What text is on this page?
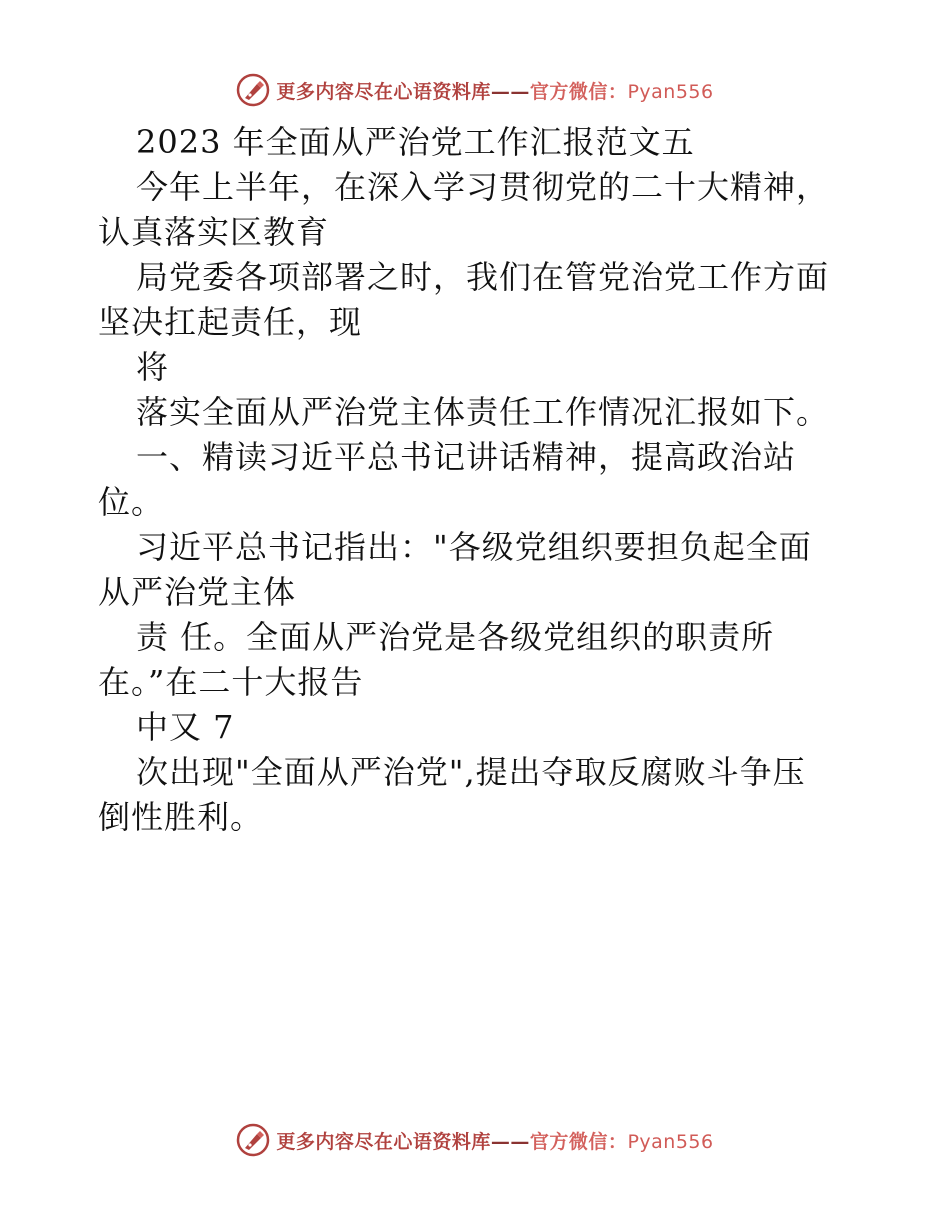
更多内容尽在心语资料库——官方微信：Pyan556
2023 年全面从严治党工作汇报范文五
今年上半年，在深入学习贯彻党的二十大精神，
认真落实区教育
局党委各项部署之时，我们在管党治党工作方面
坚决扛起责任，现
将
落实全面从严治党主体责任工作情况汇报如下。
一、精读习近平总书记讲话精神，提高政治站
位。
习近平总书记指出："各级党组织要担负起全面
从严治党主体
责 任。全面从严治党是各级党组织的职责所
在。”在二十大报告
中又 7
次出现"全面从严治党",提出夺取反腐败斗争压
倒性胜利。
更多内容尽在心语资料库——官方微信：Pyan556
